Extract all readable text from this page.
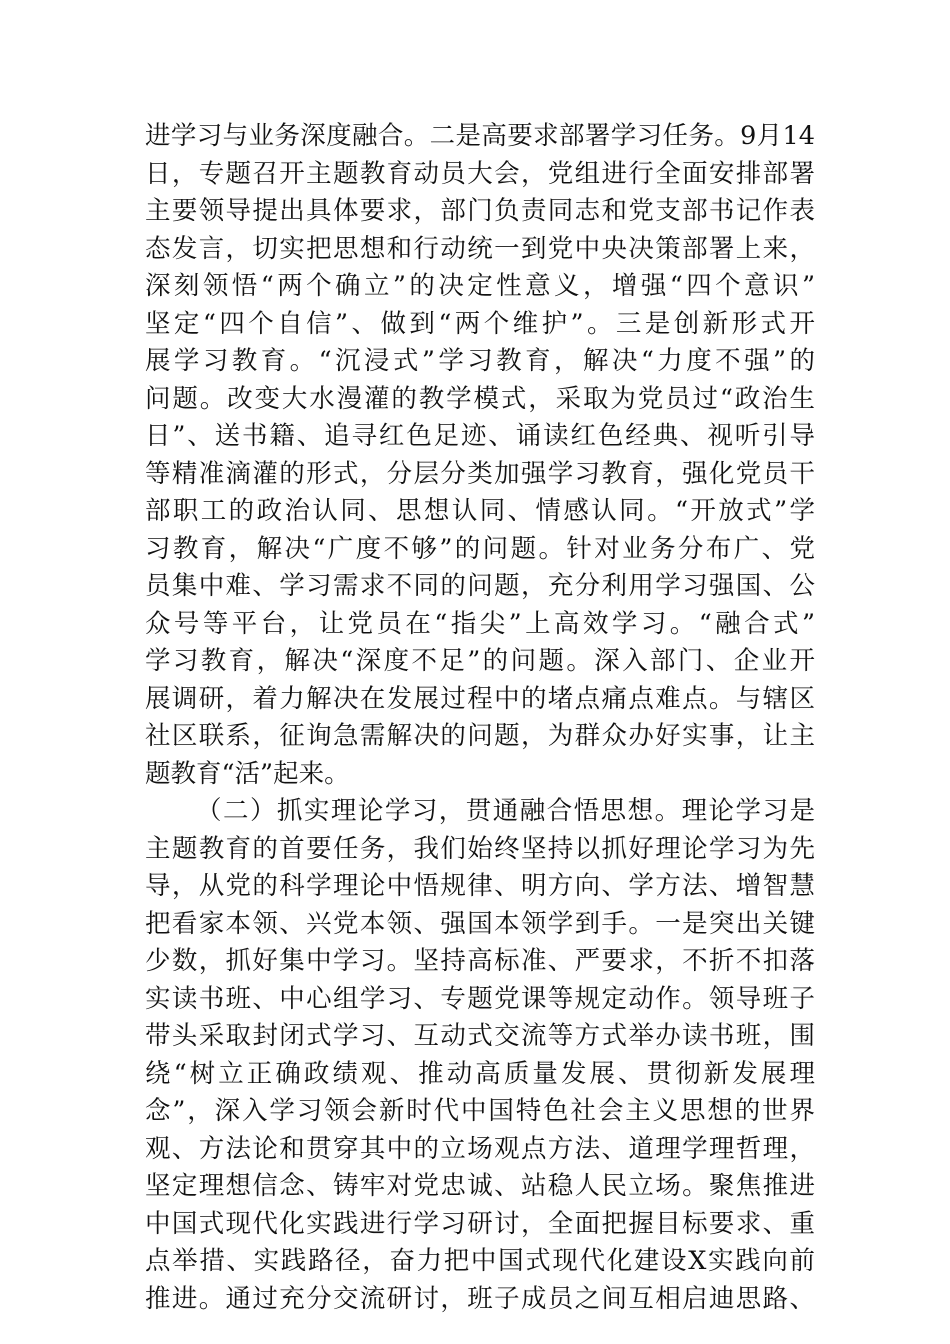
进学习与业务深度融合。二是高要求部署学习任务。9月14
日，专题召开主题教育动员大会，党组进行全面安排部署
主要领导提出具体要求，部门负责同志和党支部书记作表
态发言，切实把思想和行动统一到党中央决策部署上来，
深刻领悟“两个确立”的决定性意义，增强“四个意识”
坚定“四个自信”、做到“两个维护”。三是创新形式开
展学习教育。“沉浸式”学习教育，解决“力度不强”的
问题。改变大水漫灌的教学模式，采取为党员过“政治生
日”、送书籍、追寻红色足迹、诵读红色经典、视听引导
等精准滴灌的形式，分层分类加强学习教育，强化党员干
部职工的政治认同、思想认同、情感认同。“开放式”学
习教育，解决“广度不够”的问题。针对业务分布广、党
员集中难、学习需求不同的问题，充分利用学习强国、公
众号等平台，让党员在“指尖”上高效学习。“融合式”
学习教育，解决“深度不足”的问题。深入部门、企业开
展调研，着力解决在发展过程中的堵点痛点难点。与辖区
社区联系，征询急需解决的问题，为群众办好实事，让主
题教育“活”起来。
（二）抓实理论学习，贯通融合悟思想。理论学习是
主题教育的首要任务，我们始终坚持以抓好理论学习为先
导，从党的科学理论中悟规律、明方向、学方法、增智慧
把看家本领、兴党本领、强国本领学到手。一是突出关键
少数，抓好集中学习。坚持高标准、严要求，不折不扣落
实读书班、中心组学习、专题党课等规定动作。领导班子
带头采取封闭式学习、互动式交流等方式举办读书班，围
绕“树立正确政绩观、推动高质量发展、贯彻新发展理
念”，深入学习领会新时代中国特色社会主义思想的世界
观、方法论和贯穿其中的立场观点方法、道理学理哲理，
坚定理想信念、铸牢对党忠诚、站稳人民立场。聚焦推进
中国式现代化实践进行学习研讨，全面把握目标要求、重
点举措、实践路径，奋力把中国式现代化建设X实践向前
推进。通过充分交流研讨，班子成员之间互相启迪思路、
